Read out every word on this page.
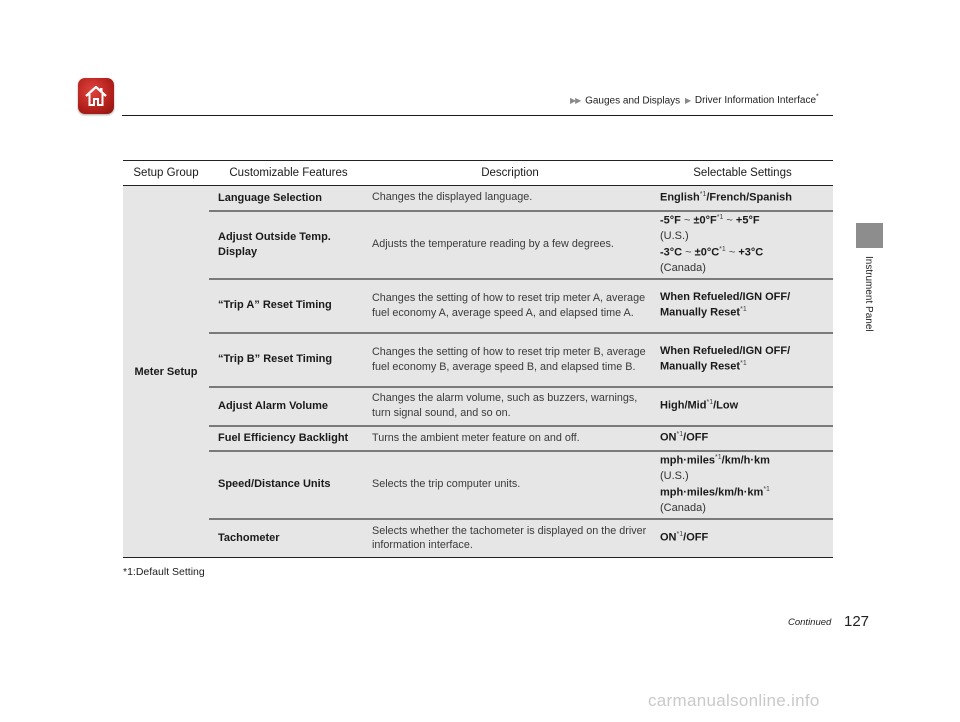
▶▶ Gauges and Displays ▶ Driver Information Interface*
Instrument Panel
Setup Group	Customizable Features	Description	Selectable Settings
Meter Setup	Language Selection	Changes the displayed language.	English$^{*1}$/French/Spanish
	Adjust Outside Temp. Display	Adjusts the temperature reading by a few degrees.	-5°F ~ $\pm 0^\circ F^{*1}$ ~ +5°F
(U.S.)
-3°C ~ $\pm 0^\circ C^{*1}$ ~ +3°C
(Canada)

	“Trip A” Reset Timing	Changes the setting of how to reset trip meter A, average fuel economy A, average speed A, and elapsed time A.	When Refueled/IGN OFF/
Manually Reset$^{*1}$
	“Trip B” Reset Timing	Changes the setting of how to reset trip meter B, average fuel economy B, average speed B, and elapsed time B.	When Refueled/IGN OFF/
Manually Reset$^{*1}$
	Adjust Alarm Volume	Changes the alarm volume, such as buzzers, warnings, turn signal sound, and so on.	High/Mid$^{*1}$/Low
	Fuel Efficiency Backlight	Turns the ambient meter feature on and off.	ON$^{*1}$/OFF
	Speed/Distance Units	Selects the trip computer units.	mph·miles$^{*1}$/km/h·km
(U.S.)
$mph\cdot miles/km/h\cdot km^{*1}$
(Canada)

	Tachometer	Selects whether the tachometer is displayed on the driver information interface.	ON$^{*1}$/OFF
*1:Default Setting
Continued 127
carmanualsonline.info
